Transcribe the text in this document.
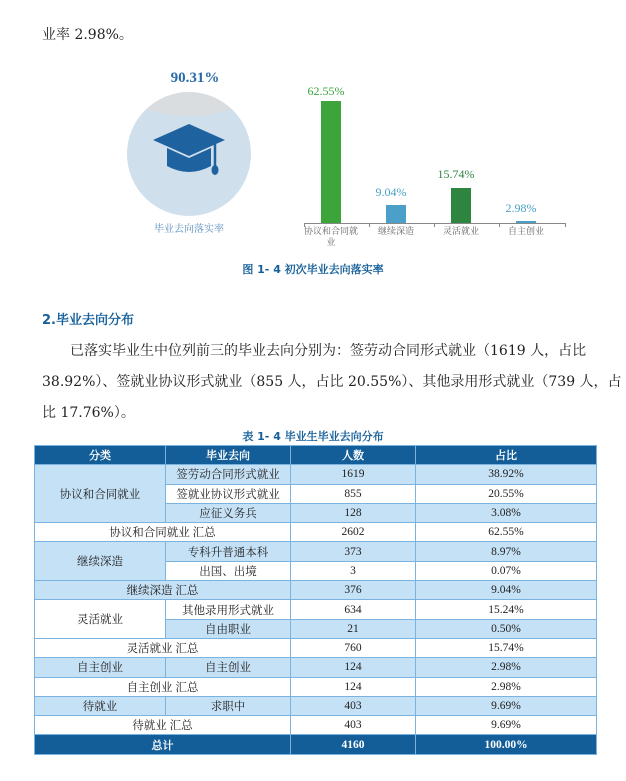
业率 2.98%。
90.31%
毕业去向落实率
62.55%
9.04%
15.74%
2.98%
协议和合同就业
继续深造	灵活就业	自主创业
图 1- 4 初次毕业去向落实率
2.毕业去向分布
已落实毕业生中位列前三的毕业去向分别为：签劳动合同形式就业（1619 人，占比
38.92%）、签就业协议形式就业（855 人，占比 20.55%）、其他录用形式就业（739 人，占
比 17.76%）。
表 1- 4 毕业生毕业去向分布
分类	毕业去向	人数	占比
协议和合同就业	签劳动合同形式就业	1619	38.92%
	签就业协议形式就业	855	20.55%
	应征义务兵	128	3.08%
协议和合同就业 汇总		2602	62.55%
继续深造	专科升普通本科	373	8.97%
	出国、出境	3	0.07%
继续深造 汇总		376	9.04%
灵活就业	其他录用形式就业	634	15.24%
	自由职业	21	0.50%
灵活就业 汇总		760	15.74%
自主创业	自主创业	124	2.98%
自主创业 汇总		124	2.98%
待就业	求职中	403	9.69%
待就业 汇总		403	9.69%
总计		4160	100.00%
